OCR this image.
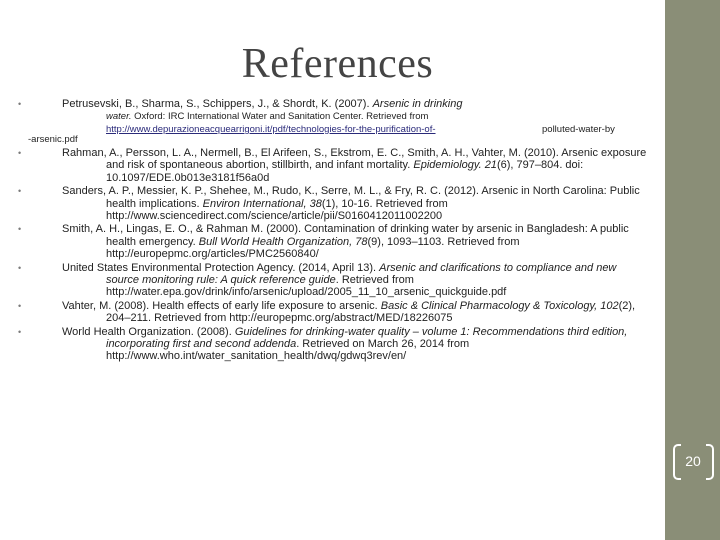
References
•	Petrusevski, B., Sharma, S., Schippers, J., & Shordt, K. (2007). Arsenic in drinking
water. Oxford: IRC International Water and Sanitation Center. Retrieved from
http://www.depurazioneacquearrigoni.it/pdf/technologies-for-the-purification-of-	polluted-water-by
-arsenic.pdf
•	Rahman, A., Persson, L. A., Nermell, B., El Arifeen, S., Ekstrom, E. C., Smith, A. H., Vahter, M. (2010). Arsenic exposure and risk of spontaneous abortion, stillbirth, and infant mortality. Epidemiology. 21(6), 797–804. doi: 10.1097/EDE.0b013e3181f56a0d
•	Sanders, A. P., Messier, K. P., Shehee, M., Rudo, K., Serre, M. L., & Fry, R. C. (2012). Arsenic in North Carolina: Public health implications. Environ International, 38(1), 10-16. Retrieved from http://www.sciencedirect.com/science/article/pii/S0160412011002200
•	Smith, A. H., Lingas, E. O., & Rahman M. (2000). Contamination of drinking water by arsenic in Bangladesh: A public health emergency. Bull World Health Organization, 78(9), 1093–1103. Retrieved from http://europepmc.org/articles/PMC2560840/
•	United States Environmental Protection Agency. (2014, April 13). Arsenic and clarifications to compliance and new source monitoring rule: A quick reference guide. Retrieved from http://water.epa.gov/drink/info/arsenic/upload/2005_11_10_arsenic_quickguide.pdf
•	Vahter, M. (2008). Health effects of early life exposure to arsenic. Basic & Clinical Pharmacology & Toxicology, 102(2), 204–211. Retrieved from http://europepmc.org/abstract/MED/18226075
•	World Health Organization. (2008). Guidelines for drinking-water quality – volume 1: Recommendations third edition, incorporating first and second addenda. Retrieved on March 26, 2014 from http://www.who.int/water_sanitation_health/dwq/gdwq3rev/en/
20
